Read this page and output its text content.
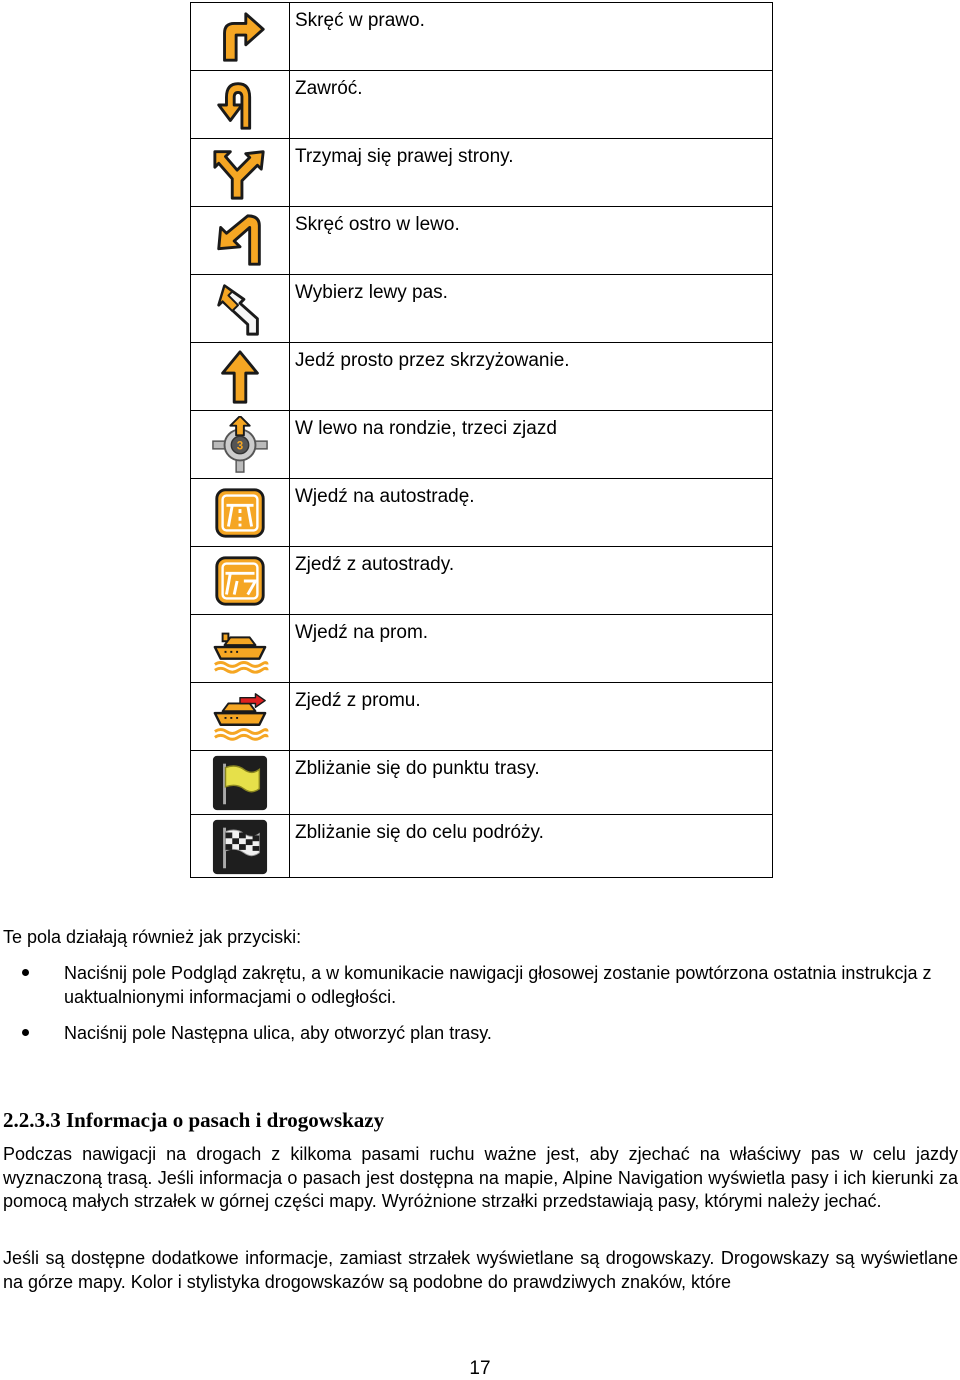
Skręć w prawo.
Zawróć.
Trzymaj się prawej strony.
Skręć ostro w lewo.
Wybierz lewy pas.
Jedź prosto przez skrzyżowanie.
3
W lewo na rondzie, trzeci zjazd
Wjedź na autostradę.
Zjedź z autostrady.
Wjedź na prom.
Zjedź z promu.
Zbliżanie się do punktu trasy.
Zbliżanie się do celu podróży.
Te pola działają również jak przyciski:
Naciśnij pole Podgląd zakrętu, a w komunikacie nawigacji głosowej zostanie powtórzona ostatnia instrukcja z uaktualnionymi informacjami o odległości.
Naciśnij pole Następna ulica, aby otworzyć plan trasy.
2.2.3.3 Informacja o pasach i drogowskazy
Podczas nawigacji na drogach z kilkoma pasami ruchu ważne jest, aby zjechać na właściwy pas w celu jazdy wyznaczoną trasą. Jeśli informacja o pasach jest dostępna na mapie, Alpine Navigation wyświetla pasy i ich kierunki za pomocą małych strzałek w górnej części mapy. Wyróżnione strzałki przedstawiają pasy, którymi należy jechać.
Jeśli są dostępne dodatkowe informacje, zamiast strzałek wyświetlane są drogowskazy. Drogowskazy są wyświetlane na górze mapy. Kolor i stylistyka drogowskazów są podobne do prawdziwych znaków, które
17
